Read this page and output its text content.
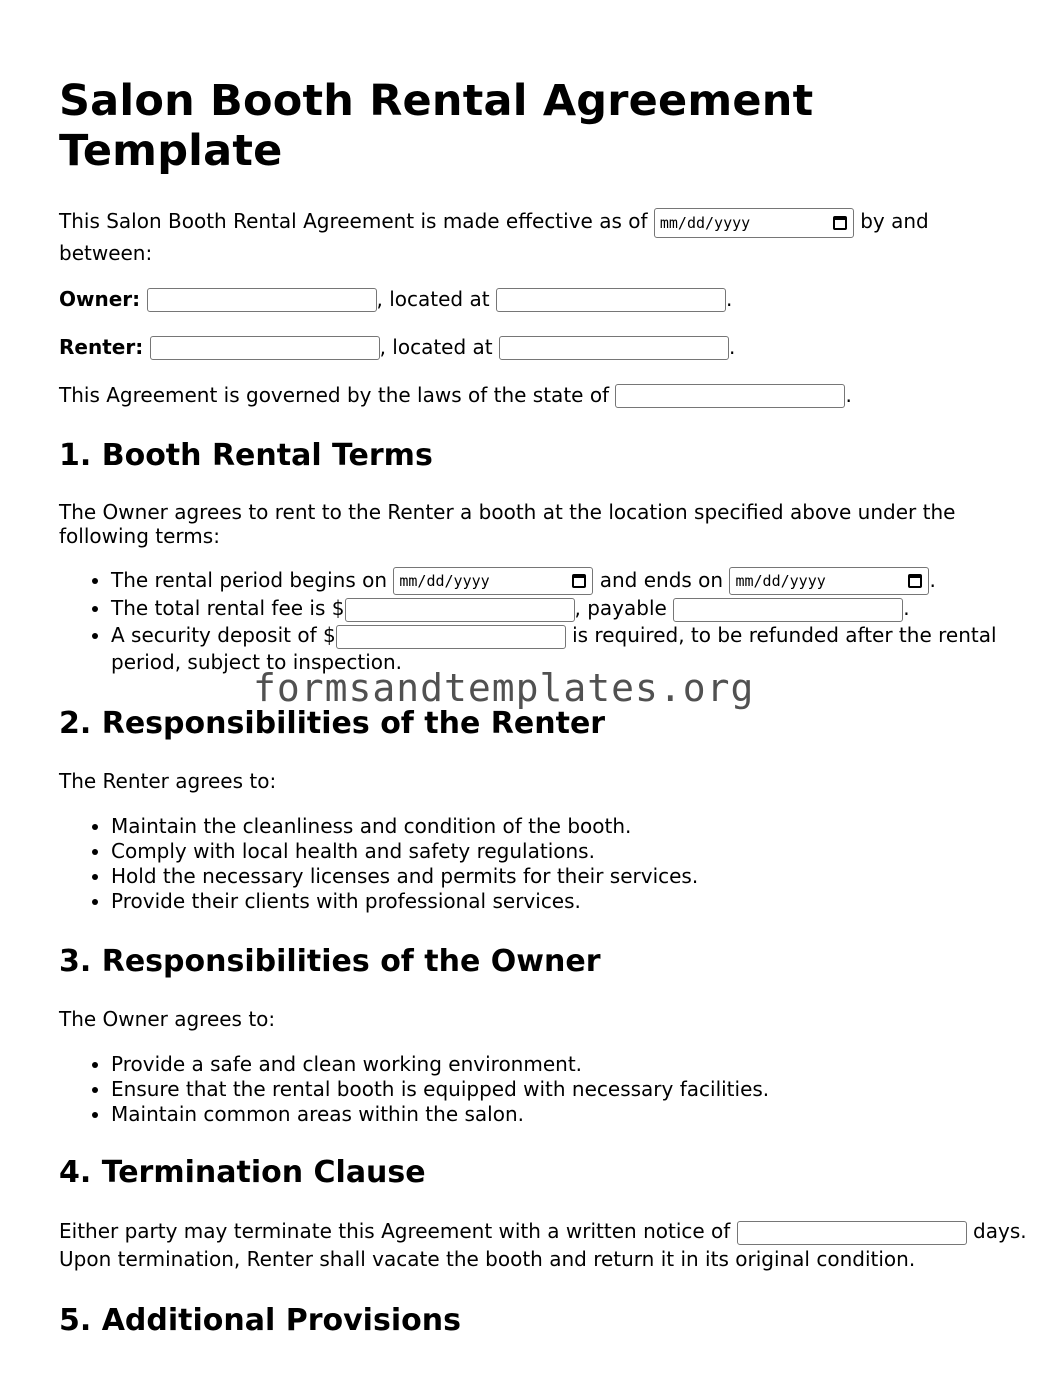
Salon Booth Rental Agreement Template

This Salon Booth Rental Agreement is made effective as of mm/dd/yyyy	by and between:

Owner:	, located at	.

Renter:	, located at	.

This Agreement is governed by the laws of the state of	.

1. Booth Rental Terms

The Owner agrees to rent to the Renter a booth at the location specified above under the following terms:

• The rental period begins on mm/dd/yyyy	and ends on mm/dd/yyyy	.
• The total rental fee is $	, payable	.
• A security deposit of $	is required, to be refunded after the rental period, subject to inspection.
2. Responsibilities of the Renter

The Renter agrees to:

• Maintain the cleanliness and condition of the booth.
• Comply with local health and safety regulations.
• Hold the necessary licenses and permits for their services.
• Provide their clients with professional services.
3. Responsibilities of the Owner

The Owner agrees to:

• Provide a safe and clean working environment.
• Ensure that the rental booth is equipped with necessary facilities.
• Maintain common areas within the salon.
4. Termination Clause

Either party may terminate this Agreement with a written notice of	days. Upon termination, Renter shall vacate the booth and return it in its original condition.

5. Additional Provisions
formsandtemplates.org
